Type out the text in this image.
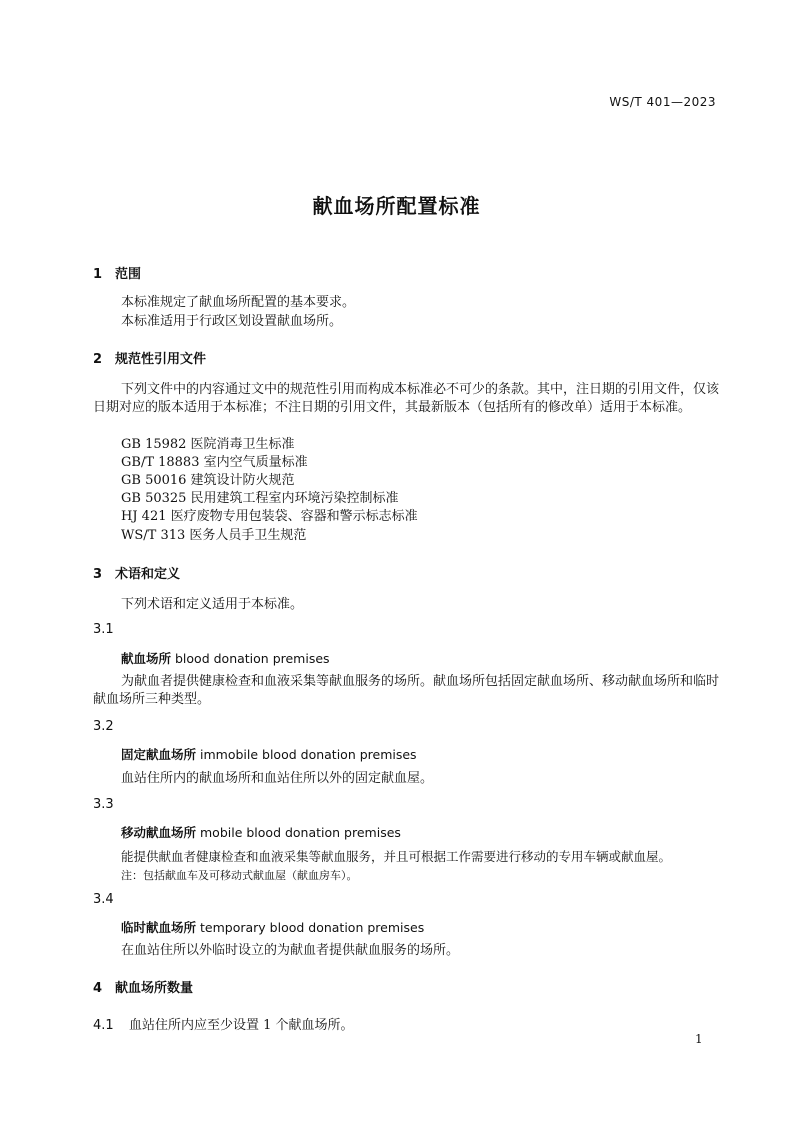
WS/T 401—2023
献血场所配置标准
1 范围
本标准规定了献血场所配置的基本要求。
本标准适用于行政区划设置献血场所。
2 规范性引用文件
下列文件中的内容通过文中的规范性引用而构成本标准必不可少的条款。其中，注日期的引用文件，仅该日期对应的版本适用于本标准；不注日期的引用文件，其最新版本（包括所有的修改单）适用于本标准。
GB 15982 医院消毒卫生标准
GB/T 18883 室内空气质量标准
GB 50016 建筑设计防火规范
GB 50325 民用建筑工程室内环境污染控制标准
HJ 421 医疗废物专用包装袋、容器和警示标志标准
WS/T 313 医务人员手卫生规范
3 术语和定义
下列术语和定义适用于本标准。
3.1
献血场所 blood donation premises
为献血者提供健康检查和血液采集等献血服务的场所。献血场所包括固定献血场所、移动献血场所和临时献血场所三种类型。
3.2
固定献血场所 immobile blood donation premises
血站住所内的献血场所和血站住所以外的固定献血屋。
3.3
移动献血场所 mobile blood donation premises
能提供献血者健康检查和血液采集等献血服务，并且可根据工作需要进行移动的专用车辆或献血屋。
注：包括献血车及可移动式献血屋（献血房车）。
3.4
临时献血场所 temporary blood donation premises
在血站住所以外临时设立的为献血者提供献血服务的场所。
4 献血场所数量
4.1 血站住所内应至少设置 1 个献血场所。
1
